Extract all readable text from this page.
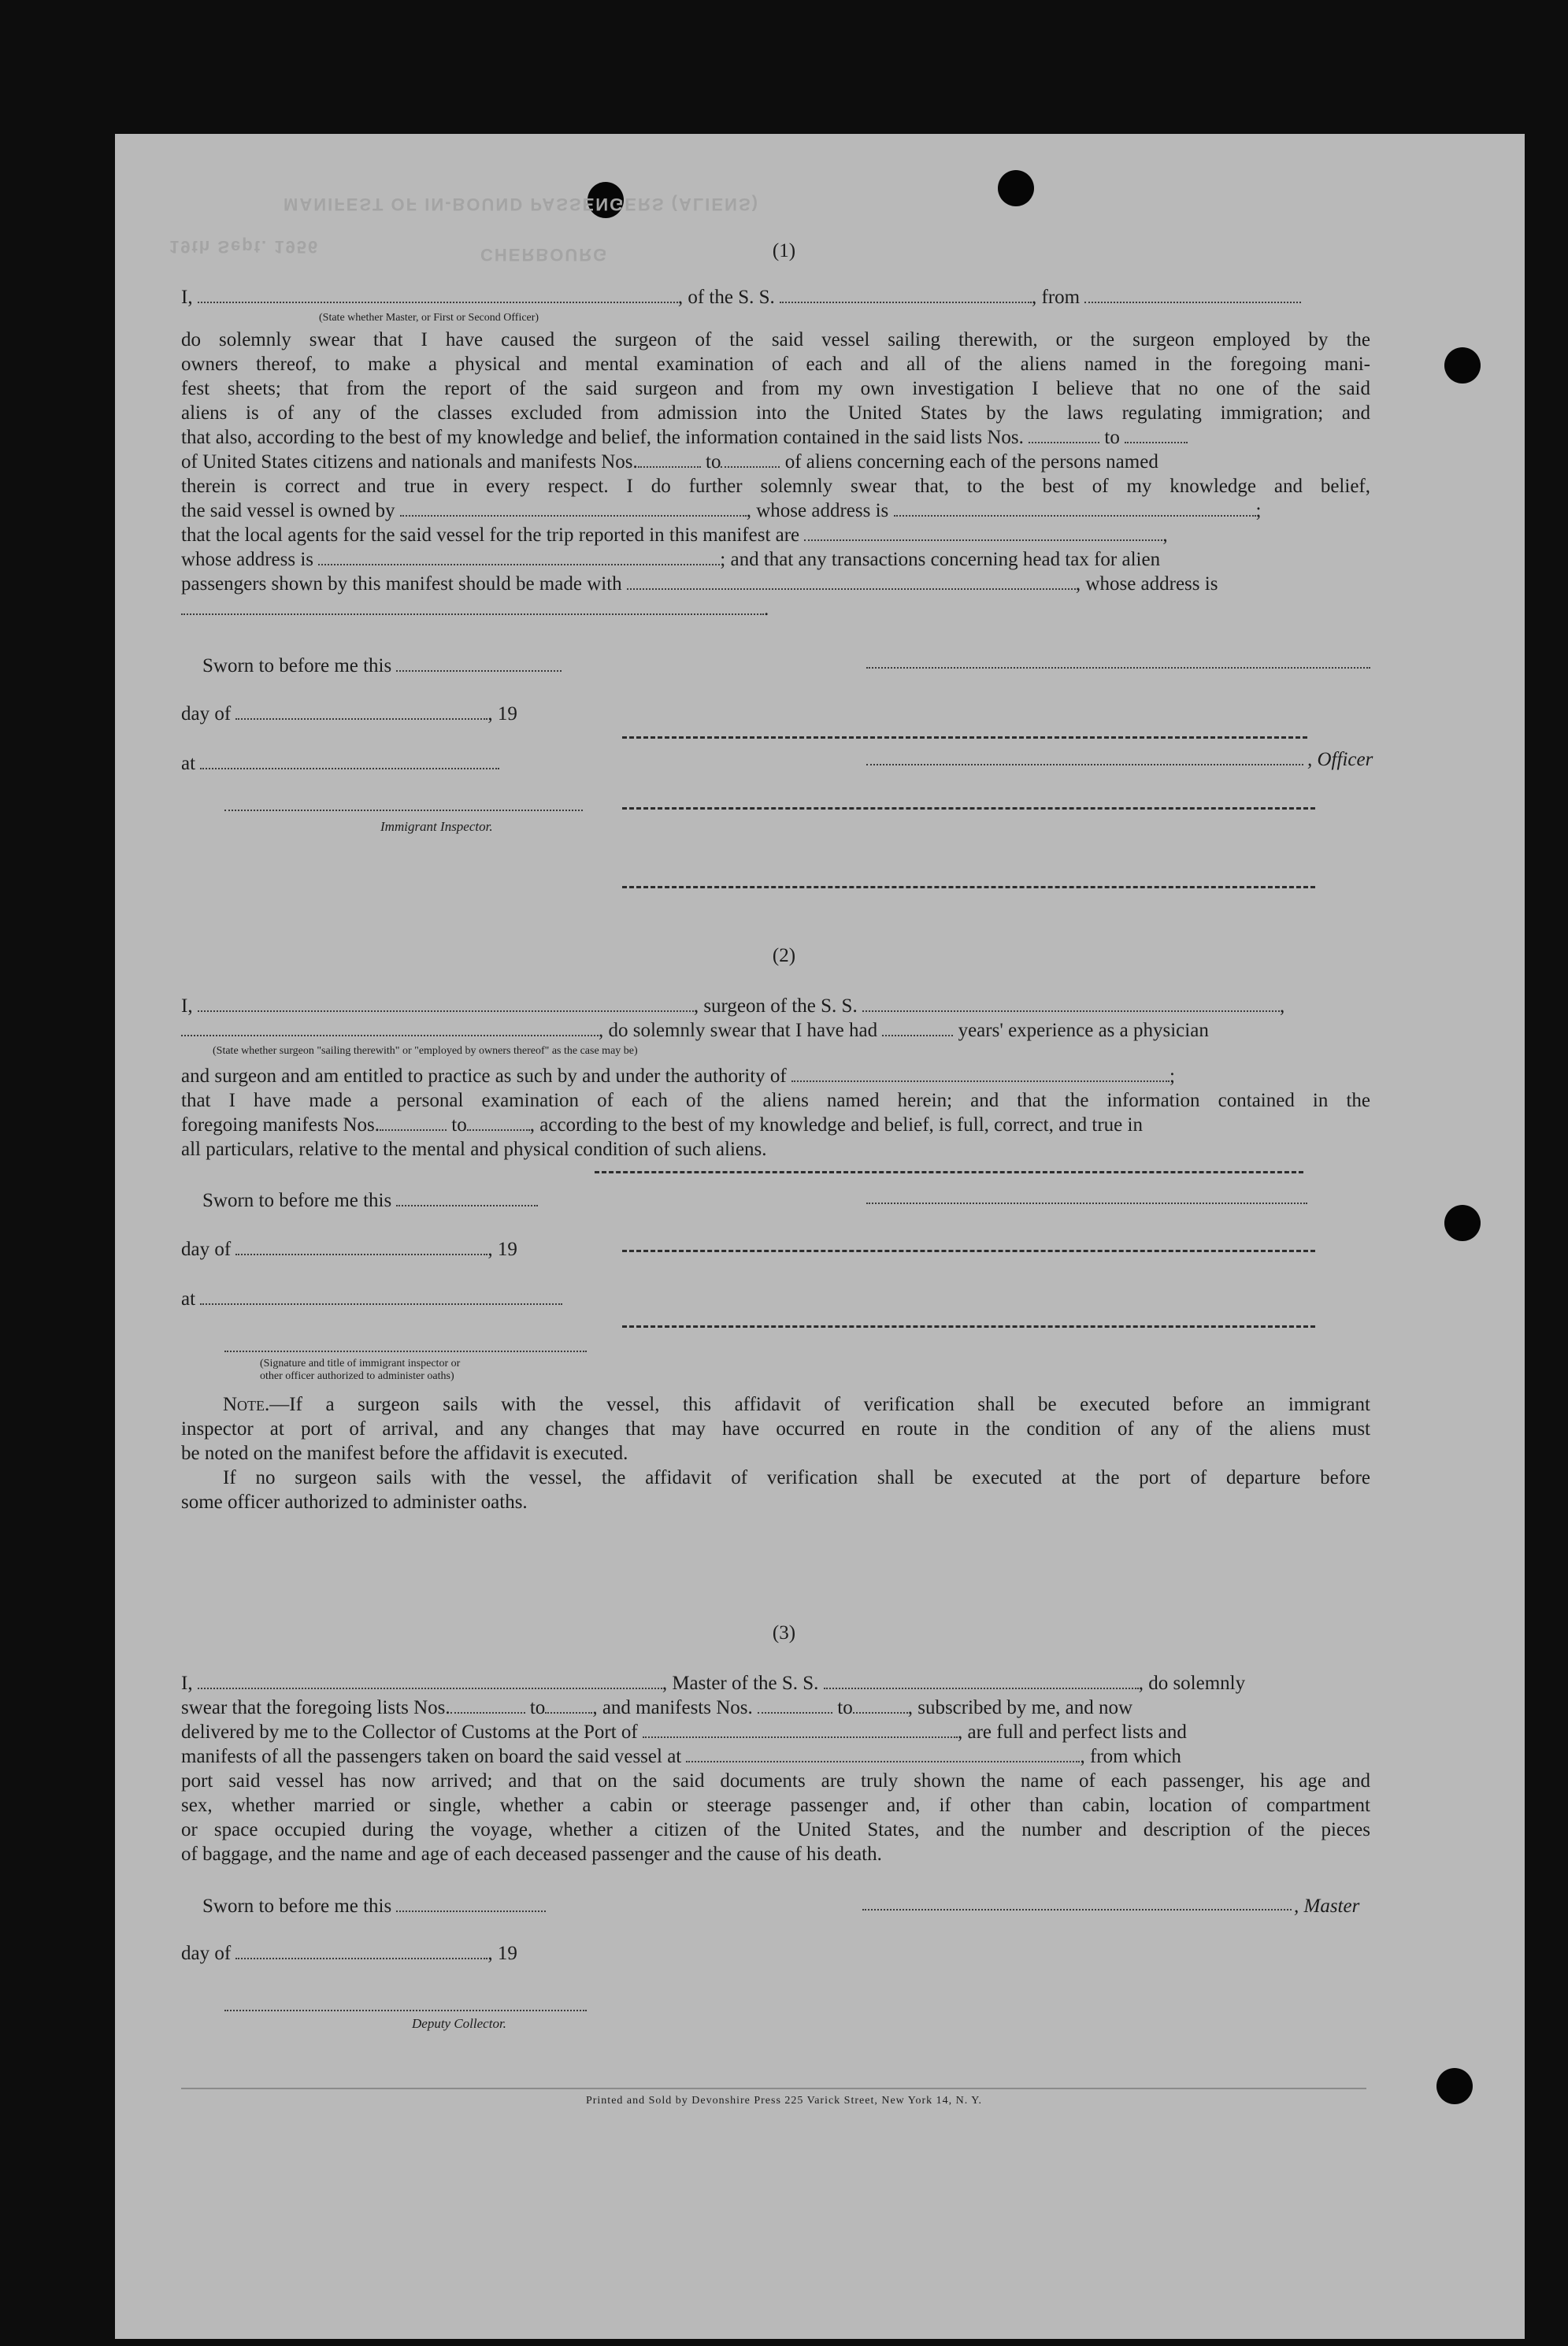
MANIFEST OF IN-BOUND PASSENGERS (ALIENS)
CHERBOURG
19th Sept. 1956	(1)
I,	, of the S. S.	, from
(State whether Master, or First or Second Officer)
do solemnly swear that I have caused the surgeon of the said vessel sailing therewith, or the surgeon employed by the
owners thereof, to make a physical and mental examination of each and all of the aliens named in the foregoing mani-
fest sheets; that from the report of the said surgeon and from my own investigation I believe that no one of the said
aliens is of any of the classes excluded from admission into the United States by the laws regulating immigration; and
that also, according to the best of my knowledge and belief, the information contained in the said lists Nos.	to
of United States citizens and nationals and manifests Nos.	to	of aliens concerning each of the persons named
therein is correct and true in every respect. I do further solemnly swear that, to the best of my knowledge and belief,
the said vessel is owned by	, whose address is	;
that the local agents for the said vessel for the trip reported in this manifest are	,
whose address is	; and that any transactions concerning head tax for alien
passengers shown by this manifest should be made with	, whose address is
.
Sworn to before me this
day of	, 19
at	, Officer
Immigrant Inspector.
(2)
I,	, surgeon of the S. S.	,
, do solemnly swear that I have had	years' experience as a physician
(State whether surgeon "sailing therewith" or "employed by owners thereof" as the case may be)
and surgeon and am entitled to practice as such by and under the authority of	;
that I have made a personal examination of each of the aliens named herein; and that the information contained in the
foregoing manifests Nos.	to	, according to the best of my knowledge and belief, is full, correct, and true in
all particulars, relative to the mental and physical condition of such aliens.
Sworn to before me this
day of	, 19
at
(Signature and title of immigrant inspector or
other officer authorized to administer oaths)
Note.—If a surgeon sails with the vessel, this affidavit of verification shall be executed before an immigrant
inspector at port of arrival, and any changes that may have occurred en route in the condition of any of the aliens must
be noted on the manifest before the affidavit is executed.
If no surgeon sails with the vessel, the affidavit of verification shall be executed at the port of departure before
some officer authorized to administer oaths.
(3)
I,	, Master of the S. S.	, do solemnly
swear that the foregoing lists Nos.	to , and manifests Nos.	to	, subscribed by me, and now
delivered by me to the Collector of Customs at the Port of	, are full and perfect lists and
manifests of all the passengers taken on board the said vessel at	, from which
port said vessel has now arrived; and that on the said documents are truly shown the name of each passenger, his age and
sex, whether married or single, whether a cabin or steerage passenger and, if other than cabin, location of compartment
or space occupied during the voyage, whether a citizen of the United States, and the number and description of the pieces
of baggage, and the name and age of each deceased passenger and the cause of his death.
Sworn to before me this	, Master
day of	, 19
Deputy Collector.
Printed and Sold by Devonshire Press 225 Varick Street, New York 14, N. Y.
